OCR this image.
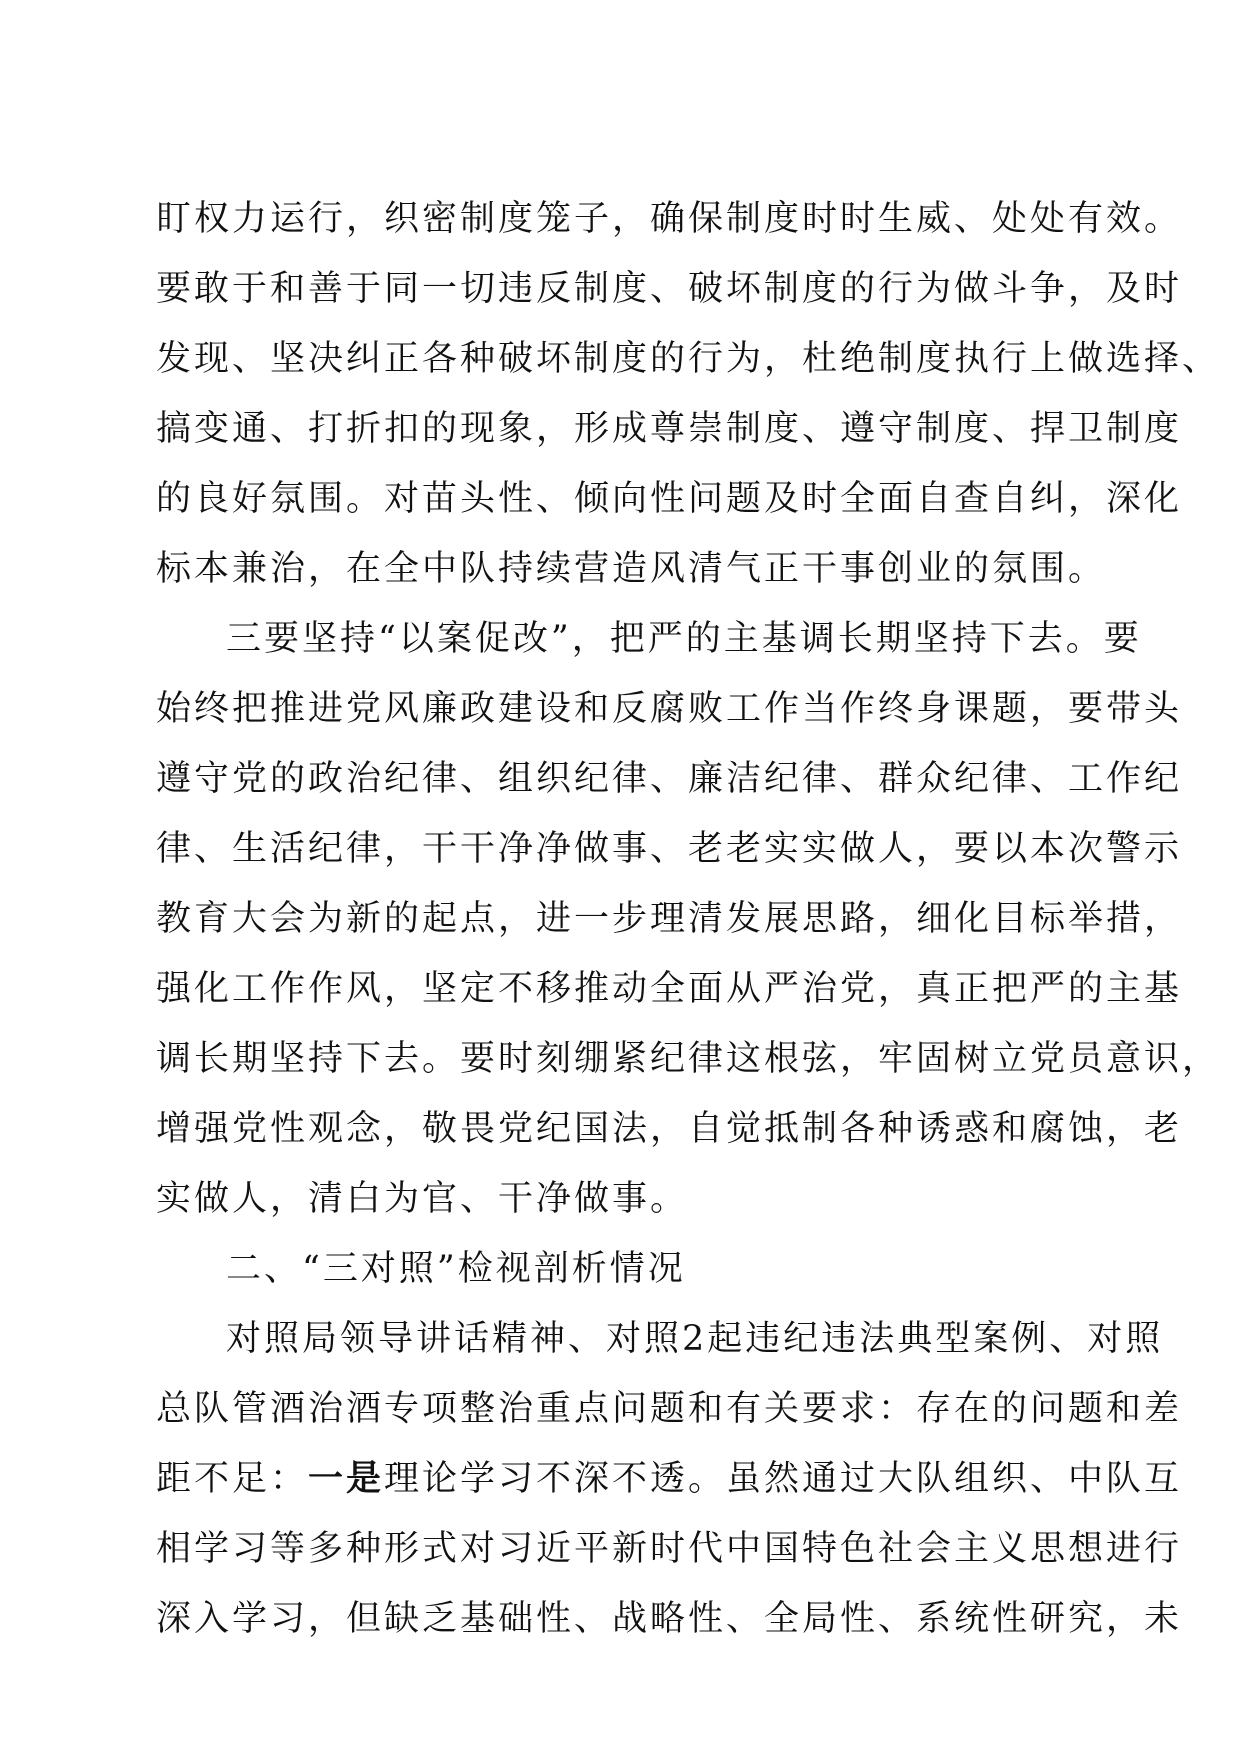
盯权力运行，织密制度笼子，确保制度时时生威、处处有效。
要敢于和善于同一切违反制度、破坏制度的行为做斗争，及时
发现、坚决纠正各种破坏制度的行为，杜绝制度执行上做选择、
搞变通、打折扣的现象，形成尊崇制度、遵守制度、捍卫制度
的良好氛围。对苗头性、倾向性问题及时全面自查自纠，深化
标本兼治，在全中队持续营造风清气正干事创业的氛围。
三要坚持“以案促改”，把严的主基调长期坚持下去。要
始终把推进党风廉政建设和反腐败工作当作终身课题，要带头
遵守党的政治纪律、组织纪律、廉洁纪律、群众纪律、工作纪
律、生活纪律，干干净净做事、老老实实做人，要以本次警示
教育大会为新的起点，进一步理清发展思路，细化目标举措，
强化工作作风，坚定不移推动全面从严治党，真正把严的主基
调长期坚持下去。要时刻绷紧纪律这根弦，牢固树立党员意识，
增强党性观念，敬畏党纪国法，自觉抵制各种诱惑和腐蚀，老
实做人，清白为官、干净做事。
二、“三对照”检视剖析情况
对照局领导讲话精神、对照2起违纪违法典型案例、对照
总队管酒治酒专项整治重点问题和有关要求：存在的问题和差
距不足：一是理论学习不深不透。虽然通过大队组织、中队互
相学习等多种形式对习近平新时代中国特色社会主义思想进行
深入学习，但缺乏基础性、战略性、全局性、系统性研究，未
